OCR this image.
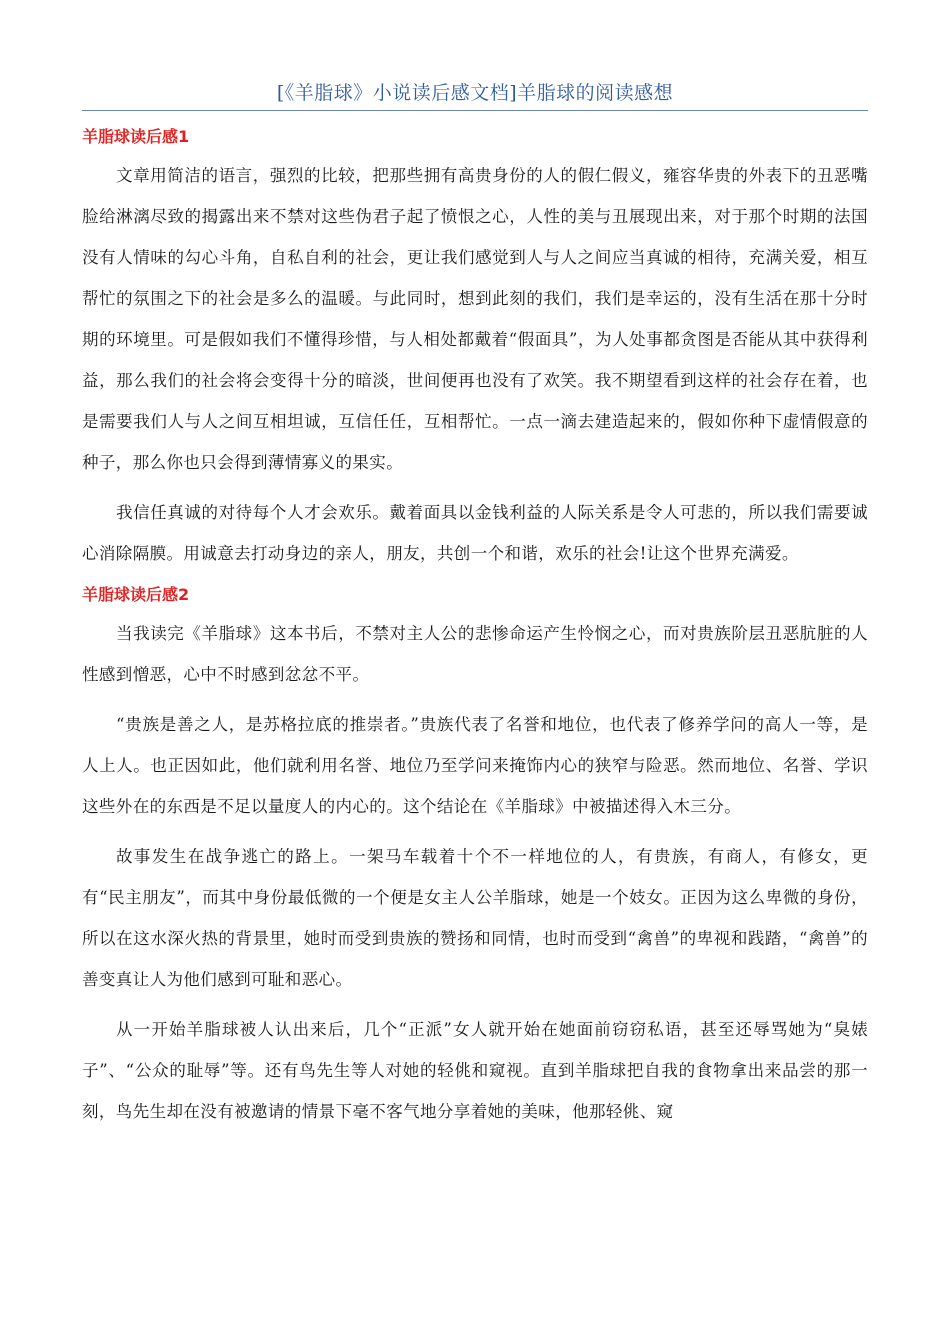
[《羊脂球》小说读后感文档]羊脂球的阅读感想
羊脂球读后感1

文章用简洁的语言，强烈的比较，把那些拥有高贵身份的人的假仁假义，雍容华贵的外表下的丑恶嘴脸给淋漓尽致的揭露出来不禁对这些伪君子起了愤恨之心，人性的美与丑展现出来，对于那个时期的法国没有人情味的勾心斗角，自私自利的社会，更让我们感觉到人与人之间应当真诚的相待，充满关爱，相互帮忙的氛围之下的社会是多么的温暖。与此同时，想到此刻的我们，我们是幸运的，没有生活在那十分时期的环境里。可是假如我们不懂得珍惜，与人相处都戴着“假面具”，为人处事都贪图是否能从其中获得利益，那么我们的社会将会变得十分的暗淡，世间便再也没有了欢笑。我不期望看到这样的社会存在着，也是需要我们人与人之间互相坦诚，互信任任，互相帮忙。一点一滴去建造起来的，假如你种下虚情假意的种子，那么你也只会得到薄情寡义的果实。

我信任真诚的对待每个人才会欢乐。戴着面具以金钱利益的人际关系是令人可悲的，所以我们需要诚心消除隔膜。用诚意去打动身边的亲人，朋友，共创一个和谐，欢乐的社会!让这个世界充满爱。

羊脂球读后感2

当我读完《羊脂球》这本书后，不禁对主人公的悲惨命运产生怜悯之心，而对贵族阶层丑恶肮脏的人性感到憎恶，心中不时感到忿忿不平。

“贵族是善之人，是苏格拉底的推崇者。”贵族代表了名誉和地位，也代表了修养学问的高人一等，是人上人。也正因如此，他们就利用名誉、地位乃至学问来掩饰内心的狭窄与险恶。然而地位、名誉、学识这些外在的东西是不足以量度人的内心的。这个结论在《羊脂球》中被描述得入木三分。

故事发生在战争逃亡的路上。一架马车载着十个不一样地位的人，有贵族，有商人，有修女，更有“民主朋友”，而其中身份最低微的一个便是女主人公羊脂球，她是一个妓女。正因为这么卑微的身份，所以在这水深火热的背景里，她时而受到贵族的赞扬和同情，也时而受到“禽兽”的卑视和践踏，“禽兽”的善变真让人为他们感到可耻和恶心。

从一开始羊脂球被人认出来后，几个“正派”女人就开始在她面前窃窃私语，甚至还辱骂她为“臭婊子”、“公众的耻辱”等。还有鸟先生等人对她的轻佻和窥视。直到羊脂球把自我的食物拿出来品尝的那一刻，鸟先生却在没有被邀请的情景下毫不客气地分享着她的美味，他那轻佻、窥
